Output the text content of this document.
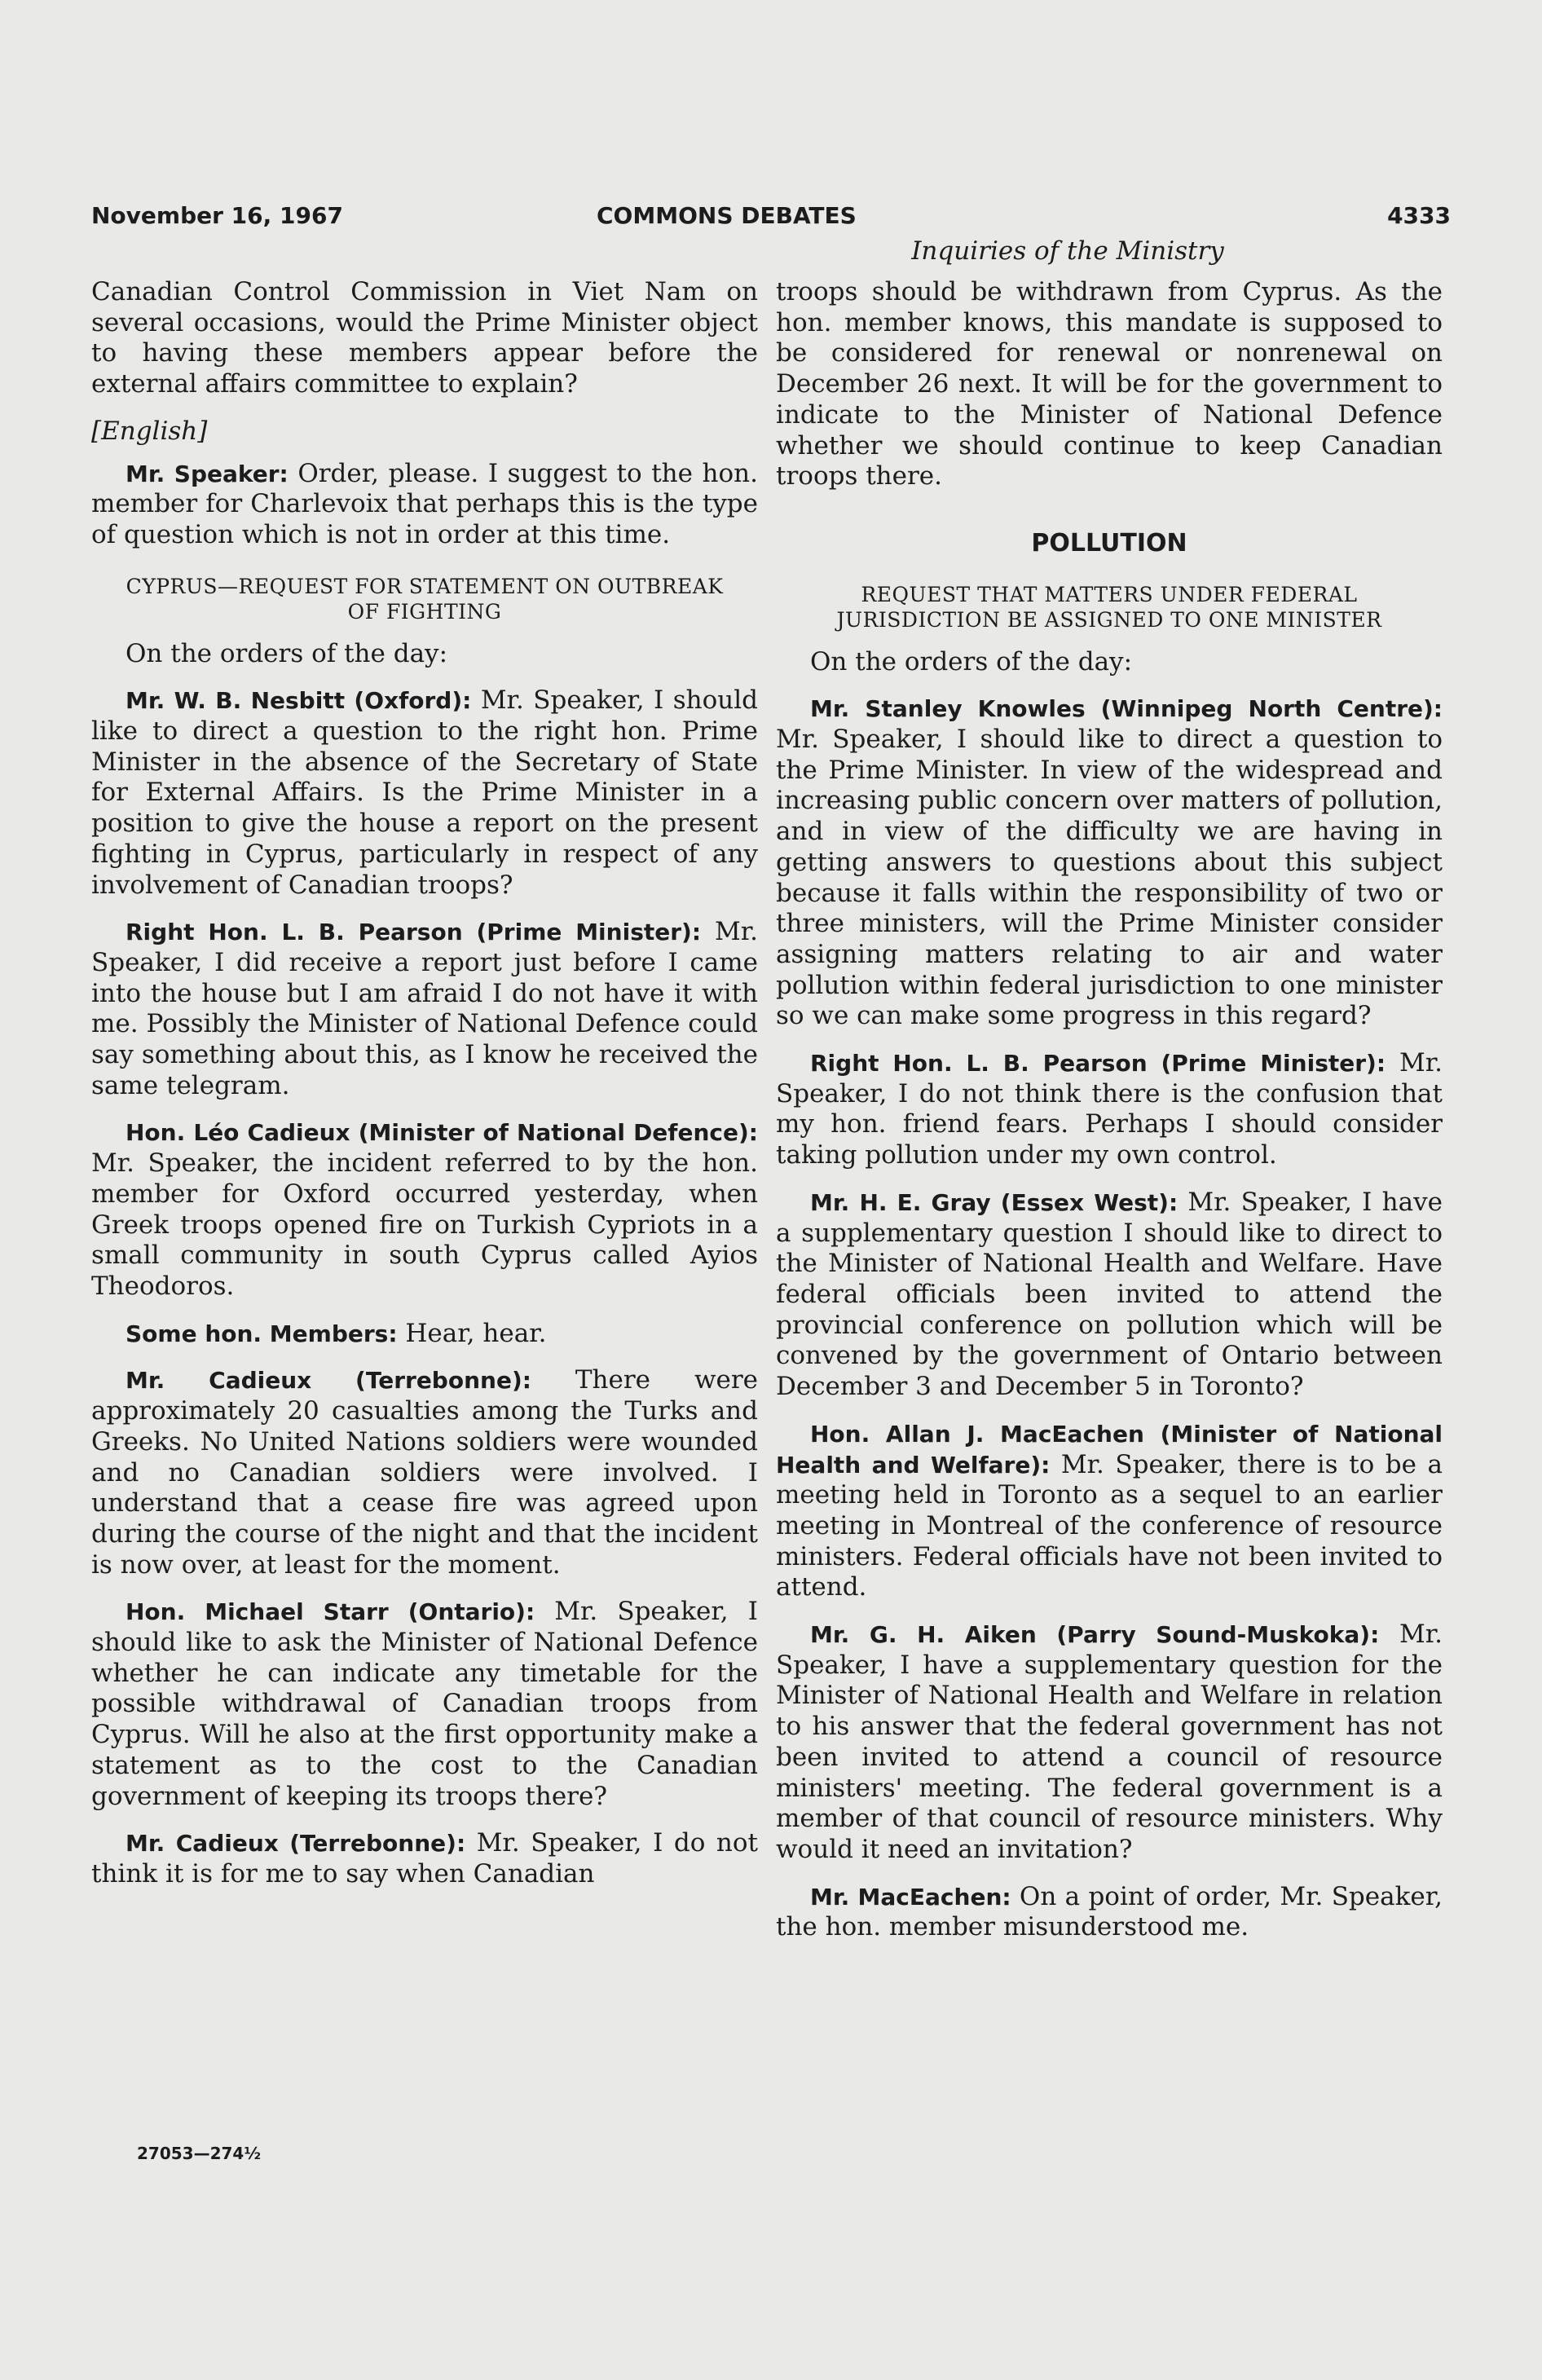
November 16, 1967	COMMONS DEBATES	4333
Inquiries of the Ministry

Canadian Control Commission in Viet Nam on several occasions, would the Prime Minister object to having these members appear before the external affairs committee to explain?

[English]

Mr. Speaker: Order, please. I suggest to the hon. member for Charlevoix that perhaps this is the type of question which is not in order at this time.

CYPRUS—REQUEST FOR STATEMENT ON OUTBREAK OF FIGHTING

On the orders of the day:

Mr. W. B. Nesbitt (Oxford): Mr. Speaker, I should like to direct a question to the right hon. Prime Minister in the absence of the Secretary of State for External Affairs. Is the Prime Minister in a position to give the house a report on the present fighting in Cyprus, particularly in respect of any involvement of Canadian troops?

Right Hon. L. B. Pearson (Prime Minister): Mr. Speaker, I did receive a report just before I came into the house but I am afraid I do not have it with me. Possibly the Minister of National Defence could say something about this, as I know he received the same telegram.

Hon. Léo Cadieux (Minister of National Defence): Mr. Speaker, the incident referred to by the hon. member for Oxford occurred yesterday, when Greek troops opened fire on Turkish Cypriots in a small community in south Cyprus called Ayios Theodoros.

Some hon. Members: Hear, hear.

Mr. Cadieux (Terrebonne): There were approximately 20 casualties among the Turks and Greeks. No United Nations soldiers were wounded and no Canadian soldiers were involved. I understand that a cease fire was agreed upon during the course of the night and that the incident is now over, at least for the moment.

Hon. Michael Starr (Ontario): Mr. Speaker, I should like to ask the Minister of National Defence whether he can indicate any timetable for the possible withdrawal of Canadian troops from Cyprus. Will he also at the first opportunity make a statement as to the cost to the Canadian government of keeping its troops there?

Mr. Cadieux (Terrebonne): Mr. Speaker, I do not think it is for me to say when Canadian

troops should be withdrawn from Cyprus. As the hon. member knows, this mandate is supposed to be considered for renewal or nonrenewal on December 26 next. It will be for the government to indicate to the Minister of National Defence whether we should continue to keep Canadian troops there.

POLLUTION

REQUEST THAT MATTERS UNDER FEDERAL JURISDICTION BE ASSIGNED TO ONE MINISTER

On the orders of the day:

Mr. Stanley Knowles (Winnipeg North Centre): Mr. Speaker, I should like to direct a question to the Prime Minister. In view of the widespread and increasing public concern over matters of pollution, and in view of the difficulty we are having in getting answers to questions about this subject because it falls within the responsibility of two or three ministers, will the Prime Minister consider assigning matters relating to air and water pollution within federal jurisdiction to one minister so we can make some progress in this regard?

Right Hon. L. B. Pearson (Prime Minister): Mr. Speaker, I do not think there is the confusion that my hon. friend fears. Perhaps I should consider taking pollution under my own control.

Mr. H. E. Gray (Essex West): Mr. Speaker, I have a supplementary question I should like to direct to the Minister of National Health and Welfare. Have federal officials been invited to attend the provincial conference on pollution which will be convened by the government of Ontario between December 3 and December 5 in Toronto?

Hon. Allan J. MacEachen (Minister of National Health and Welfare): Mr. Speaker, there is to be a meeting held in Toronto as a sequel to an earlier meeting in Montreal of the conference of resource ministers. Federal officials have not been invited to attend.

Mr. G. H. Aiken (Parry Sound-Muskoka): Mr. Speaker, I have a supplementary question for the Minister of National Health and Welfare in relation to his answer that the federal government has not been invited to attend a council of resource ministers' meeting. The federal government is a member of that council of resource ministers. Why would it need an invitation?

Mr. MacEachen: On a point of order, Mr. Speaker, the hon. member misunderstood me.

27053—274½
